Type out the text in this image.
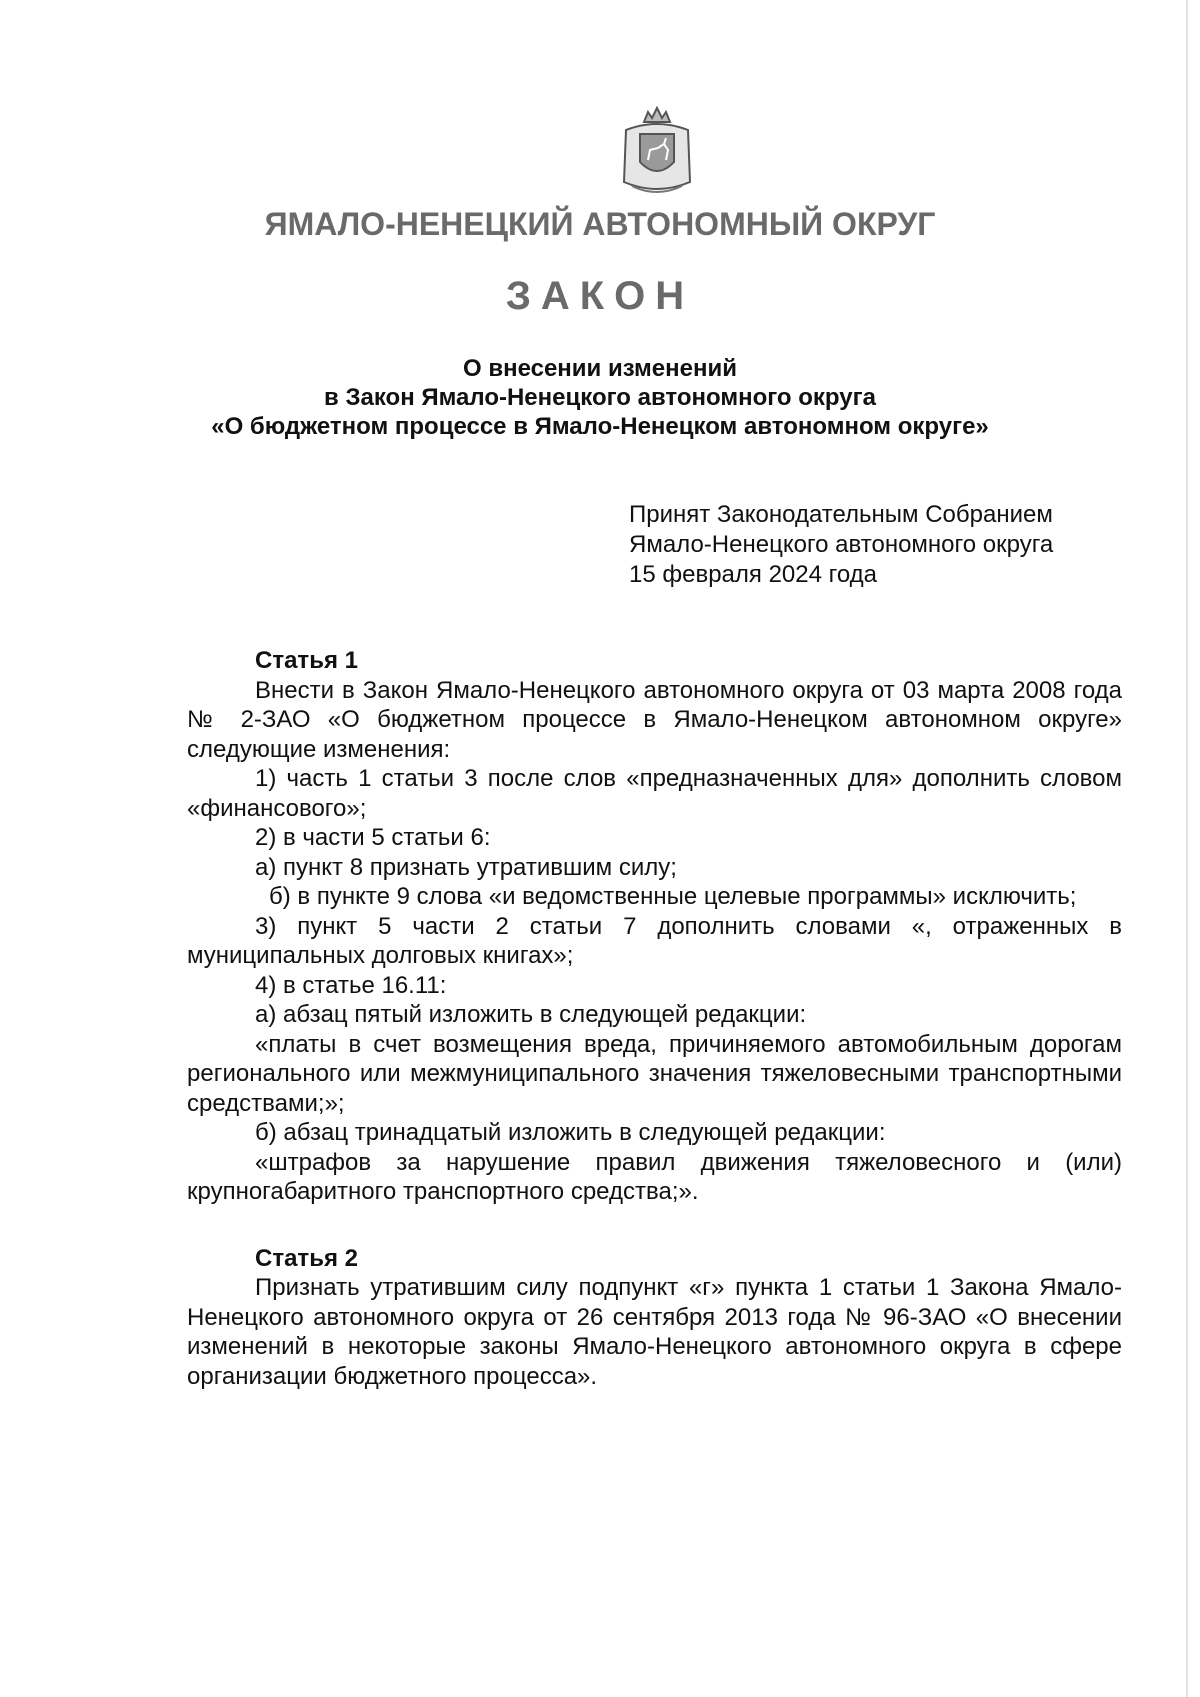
ЯМАЛО-НЕНЕЦКИЙ АВТОНОМНЫЙ ОКРУГ
ЗАКОН
О внесении изменений
в Закон Ямало-Ненецкого автономного округа
«О бюджетном процессе в Ямало-Ненецком автономном округе»
Принят Законодательным Собранием
Ямало-Ненецкого автономного округа
15 февраля 2024 года

Статья 1

Внести в Закон Ямало-Ненецкого автономного округа от 03 марта 2008 года № 2-ЗАО «О бюджетном процессе в Ямало-Ненецком автономном округе» следующие изменения:

1) часть 1 статьи 3 после слов «предназначенных для» дополнить словом «финансового»;

2) в части 5 статьи 6:

а) пункт 8 признать утратившим силу;

б) в пункте 9 слова «и ведомственные целевые программы» исключить;

3) пункт 5 части 2 статьи 7 дополнить словами «, отраженных в муниципальных долговых книгах»;

4) в статье 16.11:

а) абзац пятый изложить в следующей редакции:

«платы в счет возмещения вреда, причиняемого автомобильным дорогам регионального или межмуниципального значения тяжеловесными транспортными средствами;»;

б) абзац тринадцатый изложить в следующей редакции:

«штрафов за нарушение правил движения тяжеловесного и (или) крупногабаритного транспортного средства;».

Статья 2

Признать утратившим силу подпункт «г» пункта 1 статьи 1 Закона Ямало-Ненецкого автономного округа от 26 сентября 2013 года № 96-ЗАО «О внесении изменений в некоторые законы Ямало-Ненецкого автономного округа в сфере организации бюджетного процесса».
